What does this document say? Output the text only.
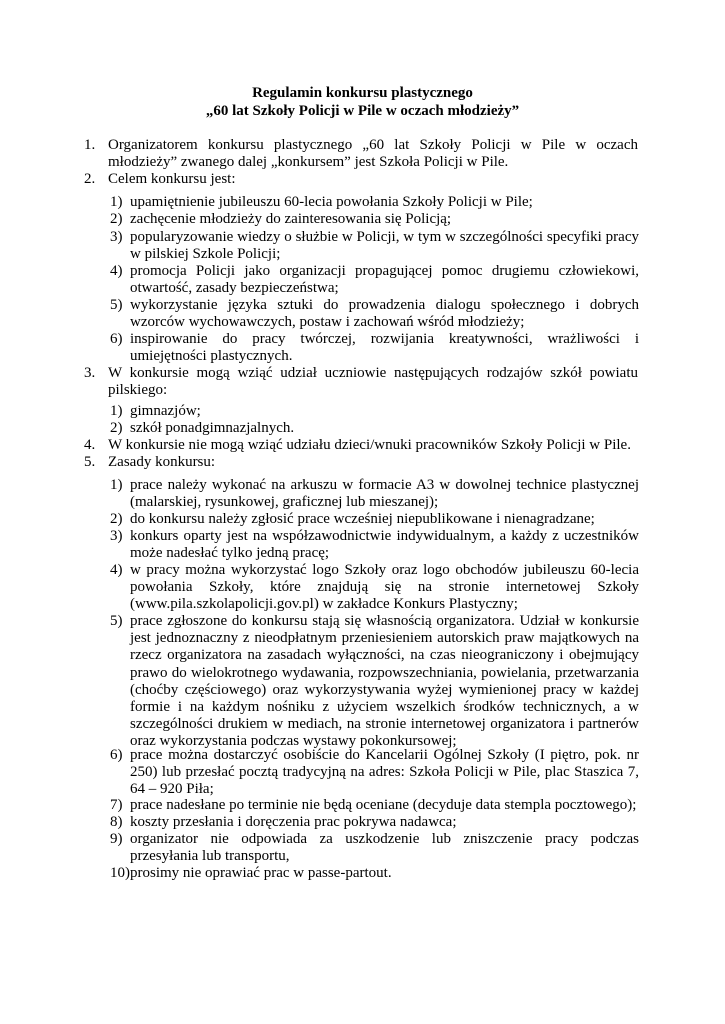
Regulamin konkursu plastycznego
„60 lat Szkoły Policji w Pile w oczach młodzieży”
1. Organizatorem konkursu plastycznego „60 lat Szkoły Policji w Pile w oczach młodzieży” zwanego dalej „konkursem” jest Szkoła Policji w Pile.
2. Celem konkursu jest:
1) upamiętnienie jubileuszu 60-lecia powołania Szkoły Policji w Pile;
2) zachęcenie młodzieży do zainteresowania się Policją;
3) popularyzowanie wiedzy o służbie w Policji, w tym w szczególności specyfiki pracy w pilskiej Szkole Policji;
4) promocja Policji jako organizacji propagującej pomoc drugiemu człowiekowi, otwartość, zasady bezpieczeństwa;
5) wykorzystanie języka sztuki do prowadzenia dialogu społecznego i dobrych wzorców wychowawczych, postaw i zachowań wśród młodzieży;
6) inspirowanie do pracy twórczej, rozwijania kreatywności, wrażliwości i umiejętności plastycznych.
3. W konkursie mogą wziąć udział uczniowie następujących rodzajów szkół powiatu pilskiego:
1) gimnazjów;
2) szkół ponadgimnazjalnych.
4. W konkursie nie mogą wziąć udziału dzieci/wnuki pracowników Szkoły Policji w Pile.
5. Zasady konkursu:
1) prace należy wykonać na arkuszu w formacie A3 w dowolnej technice plastycznej (malarskiej, rysunkowej, graficznej lub mieszanej);
2) do konkursu należy zgłosić prace wcześniej niepublikowane i nienagradzane;
3) konkurs oparty jest na współzawodnictwie indywidualnym, a każdy z uczestników może nadesłać tylko jedną pracę;
4) w pracy można wykorzystać logo Szkoły oraz logo obchodów jubileuszu 60-lecia powołania Szkoły, które znajdują się na stronie internetowej Szkoły (www.pila.szkolapolicji.gov.pl) w zakładce Konkurs Plastyczny;
5) prace zgłoszone do konkursu stają się własnością organizatora. Udział w konkursie jest jednoznaczny z nieodpłatnym przeniesieniem autorskich praw majątkowych na rzecz organizatora na zasadach wyłączności, na czas nieograniczony i obejmujący prawo do wielokrotnego wydawania, rozpowszechniania, powielania, przetwarzania (choćby częściowego) oraz wykorzystywania wyżej wymienionej pracy w każdej formie i na każdym nośniku z użyciem wszelkich środków technicznych, a w szczególności drukiem w mediach, na stronie internetowej organizatora i partnerów oraz wykorzystania podczas wystawy pokonkursowej;
6) prace można dostarczyć osobiście do Kancelarii Ogólnej Szkoły (I piętro, pok. nr 250) lub przesłać pocztą tradycyjną na adres: Szkoła Policji w Pile, plac Staszica 7, 64 – 920 Piła;
7) prace nadesłane po terminie nie będą oceniane (decyduje data stempla pocztowego);
8) koszty przesłania i doręczenia prac pokrywa nadawca;
9) organizator nie odpowiada za uszkodzenie lub zniszczenie pracy podczas przesyłania lub transportu,
10) prosimy nie oprawiać prac w passe-partout.
